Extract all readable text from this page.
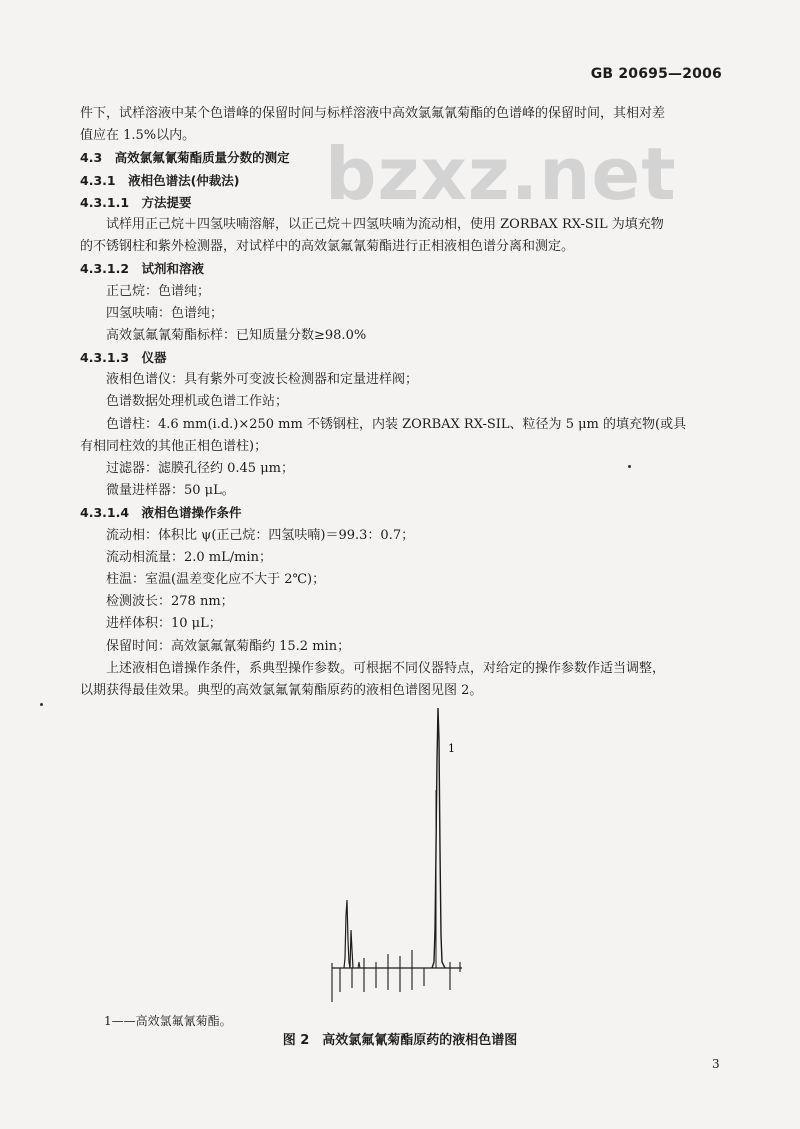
GB 20695—2006
bzxz.net
件下，试样溶液中某个色谱峰的保留时间与标样溶液中高效氯氟氰菊酯的色谱峰的保留时间，其相对差
值应在 1.5%以内。
4.3　高效氯氟氰菊酯质量分数的测定
4.3.1　液相色谱法(仲裁法)
4.3.1.1　方法提要
试样用正己烷＋四氢呋喃溶解，以正己烷＋四氢呋喃为流动相，使用 ZORBAX RX-SIL 为填充物
的不锈钢柱和紫外检测器，对试样中的高效氯氟氰菊酯进行正相液相色谱分离和测定。
4.3.1.2　试剂和溶液
正己烷：色谱纯；
四氢呋喃：色谱纯；
高效氯氟氰菊酯标样：已知质量分数≥98.0%
4.3.1.3　仪器
液相色谱仪：具有紫外可变波长检测器和定量进样阀；
色谱数据处理机或色谱工作站；
色谱柱：4.6 mm(i.d.)×250 mm 不锈钢柱，内装 ZORBAX RX-SIL、粒径为 5 μm 的填充物(或具
有相同柱效的其他正相色谱柱)；
过滤器：滤膜孔径约 0.45 μm；
微量进样器：50 μL。
4.3.1.4　液相色谱操作条件
流动相：体积比 ψ(正己烷：四氢呋喃)＝99.3：0.7；
流动相流量：2.0 mL/min；
柱温：室温(温差变化应不大于 2℃)；
检测波长：278 nm；
进样体积：10 μL；
保留时间：高效氯氟氰菊酯约 15.2 min；
上述液相色谱操作条件，系典型操作参数。可根据不同仪器特点，对给定的操作参数作适当调整，
以期获得最佳效果。典型的高效氯氟氰菊酯原药的液相色谱图见图 2。
1
1——高效氯氟氰菊酯。
图 2　高效氯氟氰菊酯原药的液相色谱图
3
